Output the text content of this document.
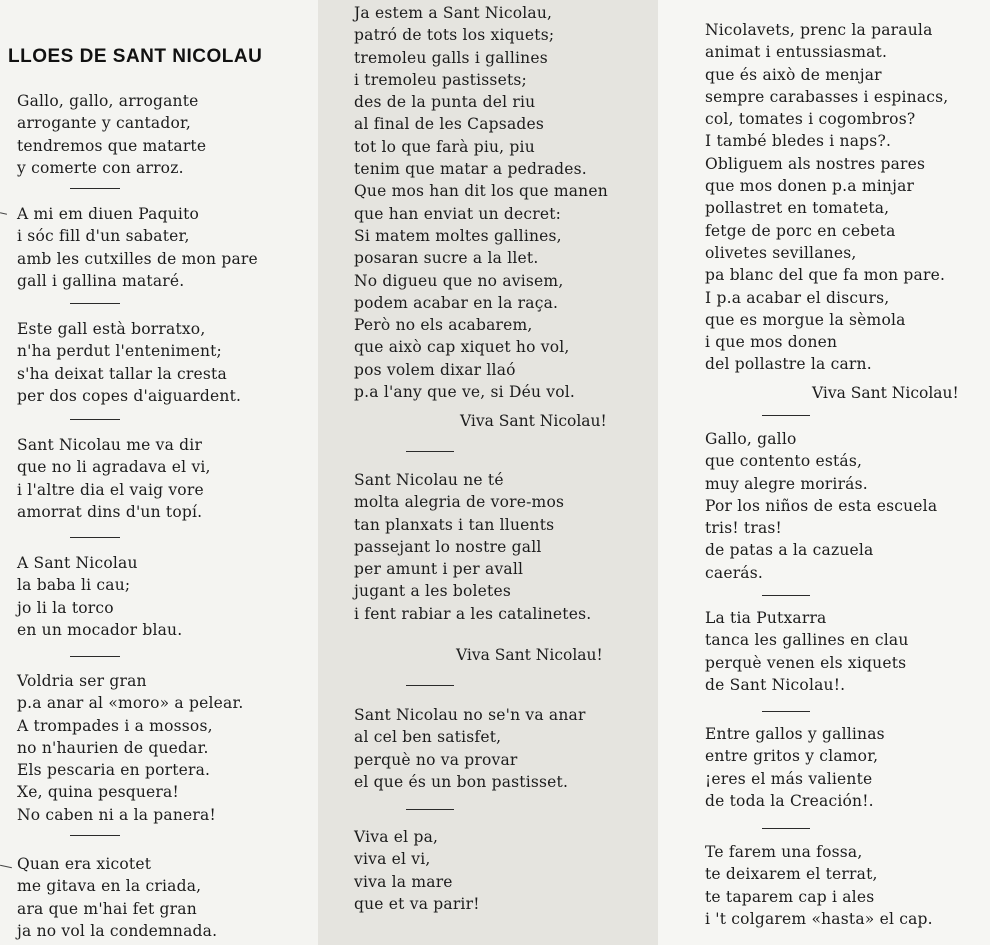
LLOES DE SANT NICOLAU
Gallo, gallo, arrogante
arrogante y cantador,
tendremos que matarte
y comerte con arroz.
A mi em diuen Paquito
i sóc fill d'un sabater,
amb les cutxilles de mon pare
gall i gallina mataré.
Este gall està borratxo,
n'ha perdut l'enteniment;
s'ha deixat tallar la cresta
per dos copes d'aiguardent.
Sant Nicolau me va dir
que no li agradava el vi,
i l'altre dia el vaig vore
amorrat dins d'un topí.
A Sant Nicolau
la baba li cau;
jo li la torco
en un mocador blau.
Voldria ser gran
p.a anar al «moro» a pelear.
A trompades i a mossos,
no n'haurien de quedar.
Els pescaria en portera.
Xe, quina pesquera!
No caben ni a la panera!
Quan era xicotet
me gitava en la criada,
ara que m'hai fet gran
ja no vol la condemnada.
Ja estem a Sant Nicolau,
patró de tots los xiquets;
tremoleu galls i gallines
i tremoleu pastissets;
des de la punta del riu
al final de les Capsades
tot lo que farà piu, piu
tenim que matar a pedrades.
Que mos han dit los que manen
que han enviat un decret:
Si matem moltes gallines,
posaran sucre a la llet.
No digueu que no avisem,
podem acabar en la raça.
Però no els acabarem,
que això cap xiquet ho vol,
pos volem dixar llaó
p.a l'any que ve, si Déu vol.
Viva Sant Nicolau!
Sant Nicolau ne té
molta alegria de vore-mos
tan planxats i tan lluents
passejant lo nostre gall
per amunt i per avall
jugant a les boletes
i fent rabiar a les catalinetes.
Viva Sant Nicolau!
Sant Nicolau no se'n va anar
al cel ben satisfet,
perquè no va provar
el que és un bon pastisset.
Viva el pa,
viva el vi,
viva la mare
que et va parir!
Nicolavets, prenc la paraula
animat i entussiasmat.
que és això de menjar
sempre carabasses i espinacs,
col, tomates i cogombros?
I també bledes i naps?.
Obliguem als nostres pares
que mos donen p.a minjar
pollastret en tomateta,
fetge de porc en cebeta
olivetes sevillanes,
pa blanc del que fa mon pare.
I p.a acabar el discurs,
que es morgue la sèmola
i que mos donen
del pollastre la carn.
Viva Sant Nicolau!
Gallo, gallo
que contento estás,
muy alegre morirás.
Por los niños de esta escuela
tris! tras!
de patas a la cazuela
caerás.
La tia Putxarra
tanca les gallines en clau
perquè venen els xiquets
de Sant Nicolau!.
Entre gallos y gallinas
entre gritos y clamor,
¡eres el más valiente
de toda la Creación!.
Te farem una fossa,
te deixarem el terrat,
te taparem cap i ales
i 't colgarem «hasta» el cap.
